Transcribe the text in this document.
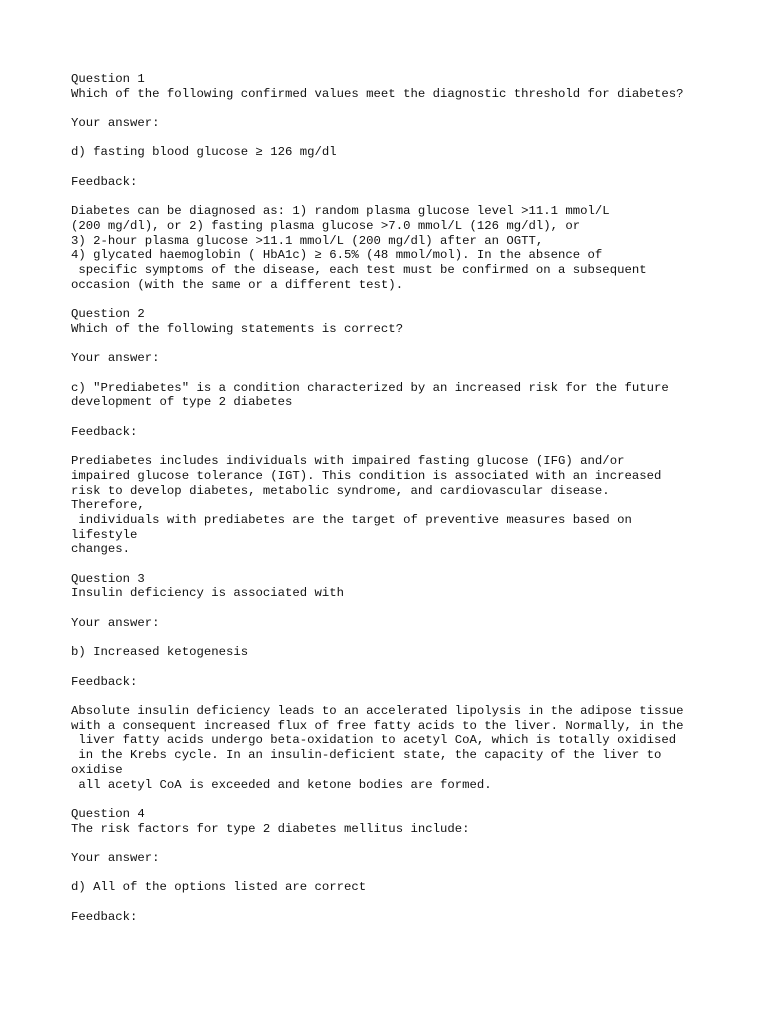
Question 1
Which of the following confirmed values meet the diagnostic threshold for diabetes?
Your answer:
d) fasting blood glucose ≥ 126 mg/dl
Feedback:
Diabetes can be diagnosed as: 1) random plasma glucose level >11.1 mmol/L
(200 mg/dl), or 2) fasting plasma glucose >7.0 mmol/L (126 mg/dl), or
3) 2-hour plasma glucose >11.1 mmol/L (200 mg/dl) after an OGTT,
4) glycated haemoglobin ( HbA1c) ≥ 6.5% (48 mmol/mol). In the absence of
specific symptoms of the disease, each test must be confirmed on a subsequent
occasion (with the same or a different test).
Question 2
Which of the following statements is correct?
Your answer:
c) "Prediabetes" is a condition characterized by an increased risk for the future
development of type 2 diabetes
Feedback:
Prediabetes includes individuals with impaired fasting glucose (IFG) and/or
impaired glucose tolerance (IGT). This condition is associated with an increased
risk to develop diabetes, metabolic syndrome, and cardiovascular disease.
Therefore,
individuals with prediabetes are the target of preventive measures based on
lifestyle
changes.
Question 3
Insulin deficiency is associated with
Your answer:
b) Increased ketogenesis
Feedback:
Absolute insulin deficiency leads to an accelerated lipolysis in the adipose tissue
with a consequent increased flux of free fatty acids to the liver. Normally, in the
liver fatty acids undergo beta-oxidation to acetyl CoA, which is totally oxidised
in the Krebs cycle. In an insulin-deficient state, the capacity of the liver to
oxidise
all acetyl CoA is exceeded and ketone bodies are formed.
Question 4
The risk factors for type 2 diabetes mellitus include:
Your answer:
d) All of the options listed are correct
Feedback:
